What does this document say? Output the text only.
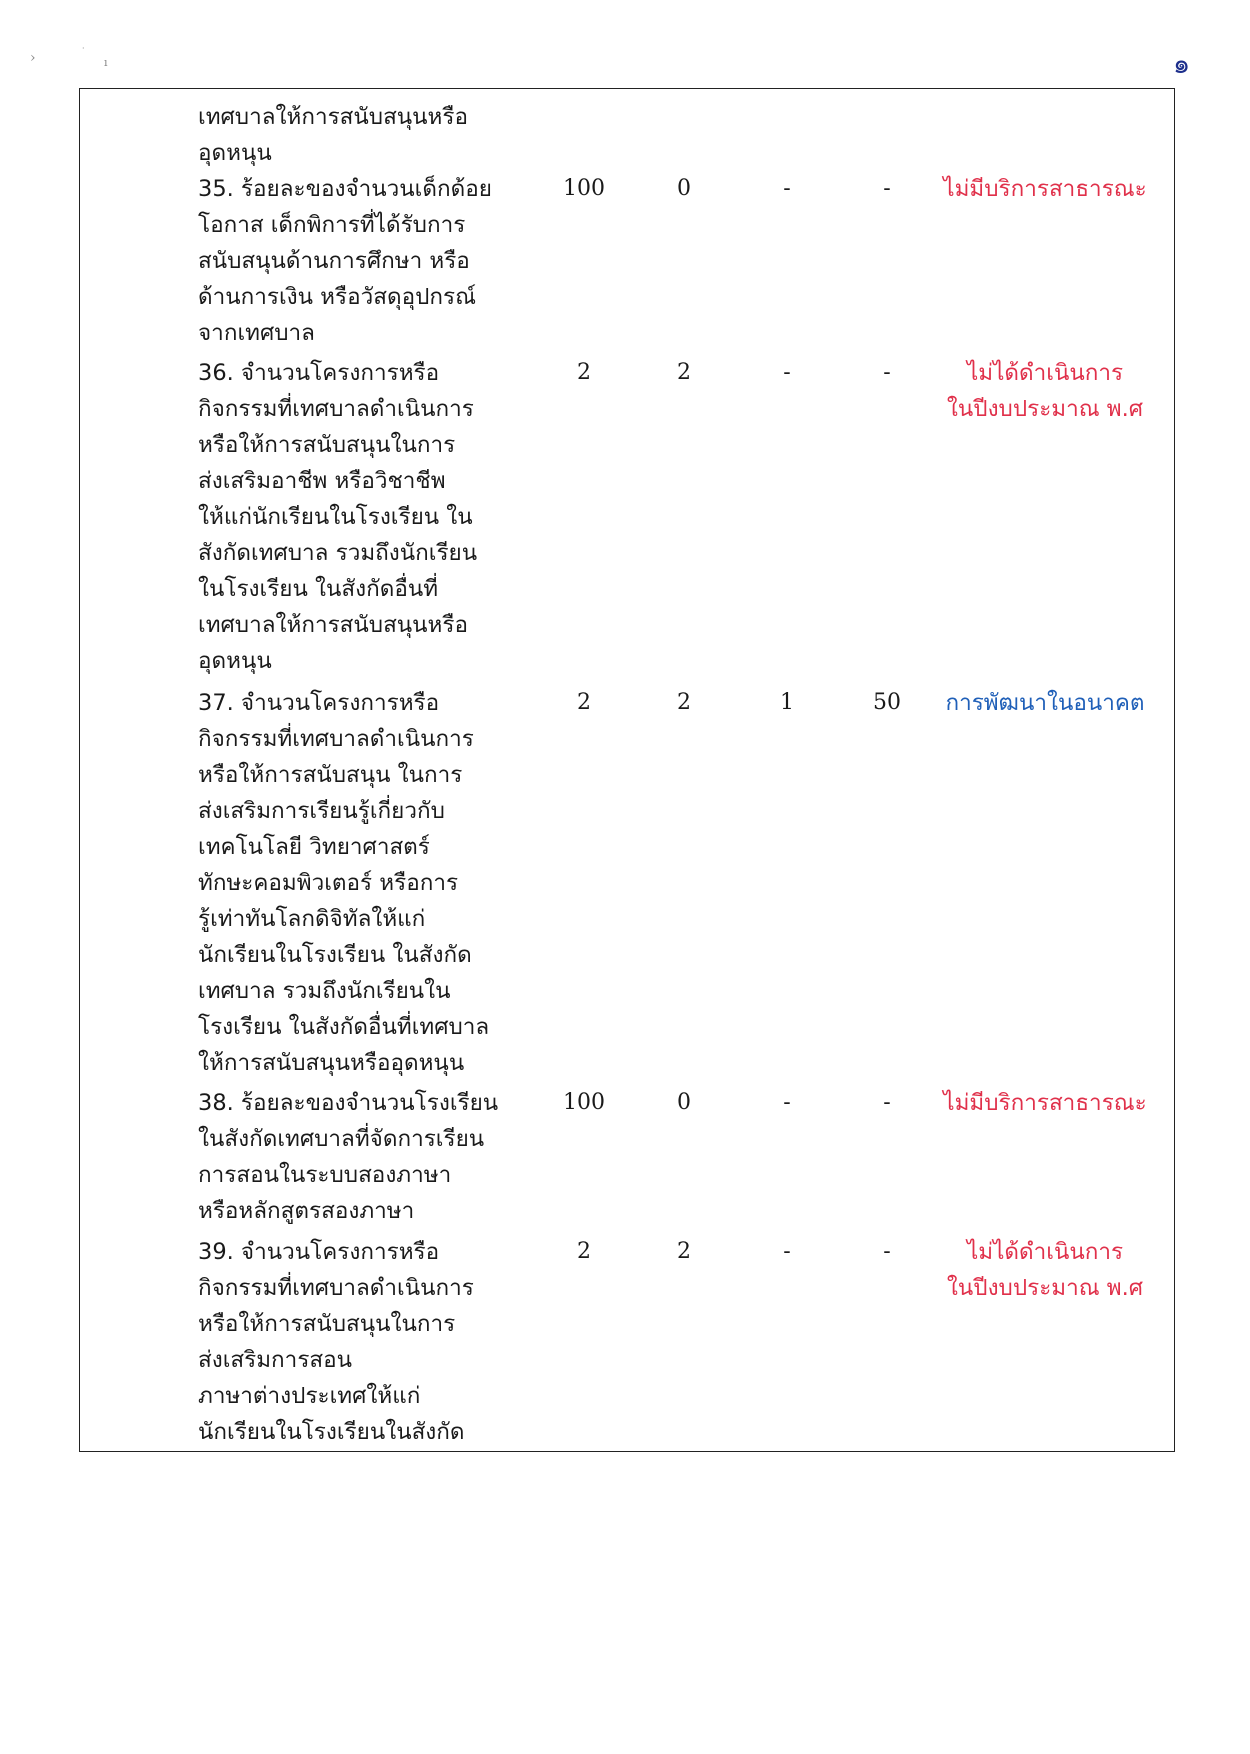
๑
›
·
ı
เทศบาลให้การสนับสนุนหรือ
อุดหนุน
35. ร้อยละของจำนวนเด็กด้อย
โอกาส เด็กพิการที่ได้รับการ
สนับสนุนด้านการศึกษา หรือ
ด้านการเงิน หรือวัสดุอุปกรณ์
จากเทศบาล
100	0	-	-	ไม่มีบริการสาธารณะ
36. จำนวนโครงการหรือ
กิจกรรมที่เทศบาลดำเนินการ
หรือให้การสนับสนุนในการ
ส่งเสริมอาชีพ หรือวิชาชีพ
ให้แก่นักเรียนในโรงเรียน ใน
สังกัดเทศบาล รวมถึงนักเรียน
ในโรงเรียน ในสังกัดอื่นที่
เทศบาลให้การสนับสนุนหรือ
อุดหนุน
2	2	-	-	ไม่ได้ดำเนินการ
ในปีงบประมาณ พ.ศ
37. จำนวนโครงการหรือ
กิจกรรมที่เทศบาลดำเนินการ
หรือให้การสนับสนุน ในการ
ส่งเสริมการเรียนรู้เกี่ยวกับ
เทคโนโลยี วิทยาศาสตร์
ทักษะคอมพิวเตอร์ หรือการ
รู้เท่าทันโลกดิจิทัลให้แก่
นักเรียนในโรงเรียน ในสังกัด
เทศบาล รวมถึงนักเรียนใน
โรงเรียน ในสังกัดอื่นที่เทศบาล
ให้การสนับสนุนหรืออุดหนุน
2	2	1	50	การพัฒนาในอนาคต
38. ร้อยละของจำนวนโรงเรียน
ในสังกัดเทศบาลที่จัดการเรียน
การสอนในระบบสองภาษา
หรือหลักสูตรสองภาษา
100	0	-	-	ไม่มีบริการสาธารณะ
39. จำนวนโครงการหรือ
กิจกรรมที่เทศบาลดำเนินการ
หรือให้การสนับสนุนในการ
ส่งเสริมการสอน
ภาษาต่างประเทศให้แก่
นักเรียนในโรงเรียนในสังกัด
2	2	-	-	ไม่ได้ดำเนินการ
ในปีงบประมาณ พ.ศ
